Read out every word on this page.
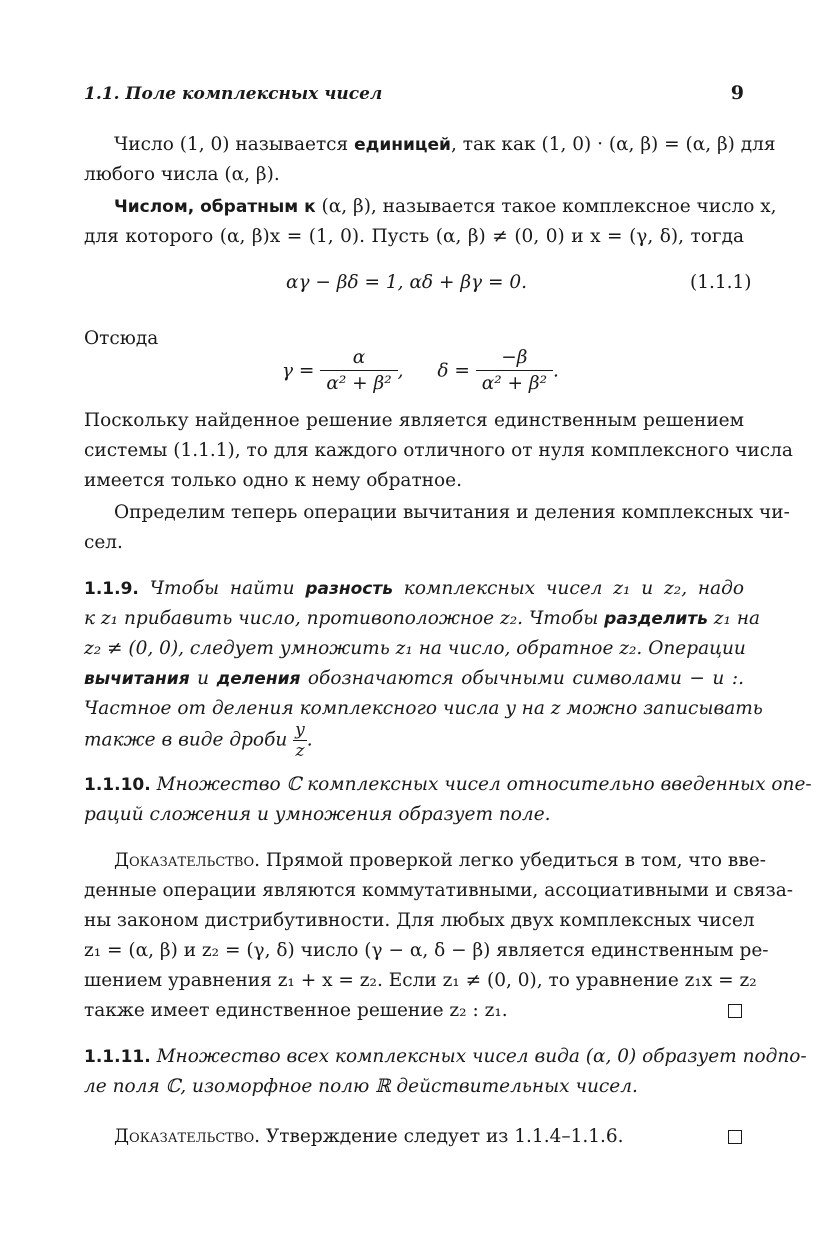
1.1. Поле комплексных чисел	9
Число (1, 0) называется единицей, так как (1, 0) · (α, β) = (α, β) для
любого числа (α, β).
Числом, обратным к (α, β), называется такое комплексное число x,
для которого (α, β)x = (1, 0). Пусть (α, β) ≠ (0, 0) и x = (γ, δ), тогда
αγ − βδ = 1, αδ + βγ = 0.	(1.1.1)
Отсюда
$\gamma = \frac{\alpha}{\text{α² + β²}}$ , $\delta = \frac{-\beta}{\text{α² + β²}}$ .
Поскольку найденное решение является единственным решением
системы (1.1.1), то для каждого отличного от нуля комплексного числа
имеется только одно к нему обратное.
Определим теперь операции вычитания и деления комплексных чи-
сел.
1.1.9. Чтобы найти разность комплексных чисел z₁ и z₂, надо
к z₁ прибавить число, противоположное z₂. Чтобы разделить z₁ на
z₂ ≠ (0, 0), следует умножить z₁ на число, обратное z₂. Операции
вычитания и деления обозначаются обычными символами − и :.
Частное от деления комплексного числа y на z можно записывать
также в виде дроби $\frac{y}{z}$ .
1.1.10. Множество ℂ комплексных чисел относительно введенных опе-
раций сложения и умножения образует поле.
Доказательство. Прямой проверкой легко убедиться в том, что вве-
денные операции являются коммутативными, ассоциативными и связа-
ны законом дистрибутивности. Для любых двух комплексных чисел
z₁ = (α, β) и z₂ = (γ, δ) число (γ − α, δ − β) является единственным ре-
шением уравнения z₁ + x = z₂. Если z₁ ≠ (0, 0), то уравнение z₁x = z₂
также имеет единственное решение z₂ : z₁.
1.1.11. Множество всех комплексных чисел вида (α, 0) образует подпо-
ле поля ℂ, изоморфное полю ℝ действительных чисел.
Доказательство. Утверждение следует из 1.1.4–1.1.6.
